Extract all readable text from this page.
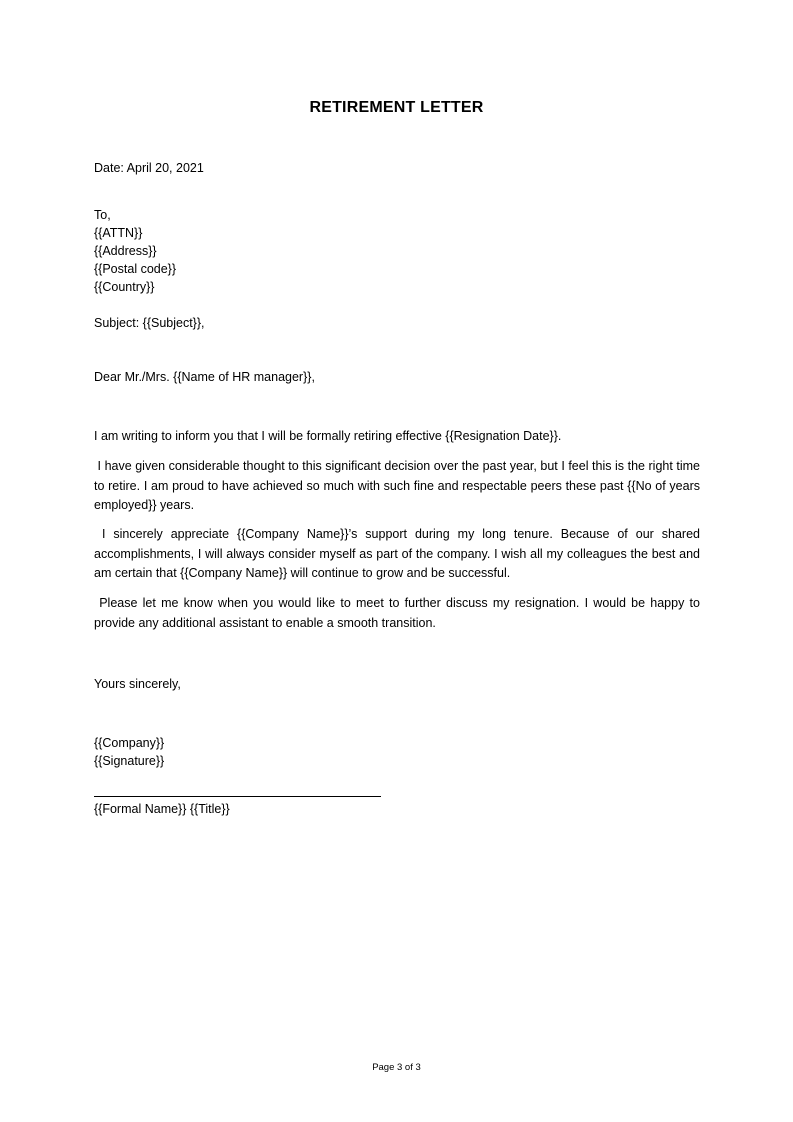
RETIREMENT LETTER
Date: April 20, 2021
To,
{{ATTN}}
{{Address}}
{{Postal code}}
{{Country}}
Subject: {{Subject}},
Dear Mr./Mrs. {{Name of HR manager}},
I am writing to inform you that I will be formally retiring effective {{Resignation Date}}.
I have given considerable thought to this significant decision over the past year, but I feel this is the right time to retire. I am proud to have achieved so much with such fine and respectable peers these past {{No of years employed}} years.
I sincerely appreciate {{Company Name}}’s support during my long tenure. Because of our shared accomplishments, I will always consider myself as part of the company. I wish all my colleagues the best and am certain that {{Company Name}} will continue to grow and be successful.
Please let me know when you would like to meet to further discuss my resignation. I would be happy to provide any additional assistant to enable a smooth transition.
Yours sincerely,
{{Company}}
{{Signature}}
{{Formal Name}} {{Title}}
Page 3 of 3
